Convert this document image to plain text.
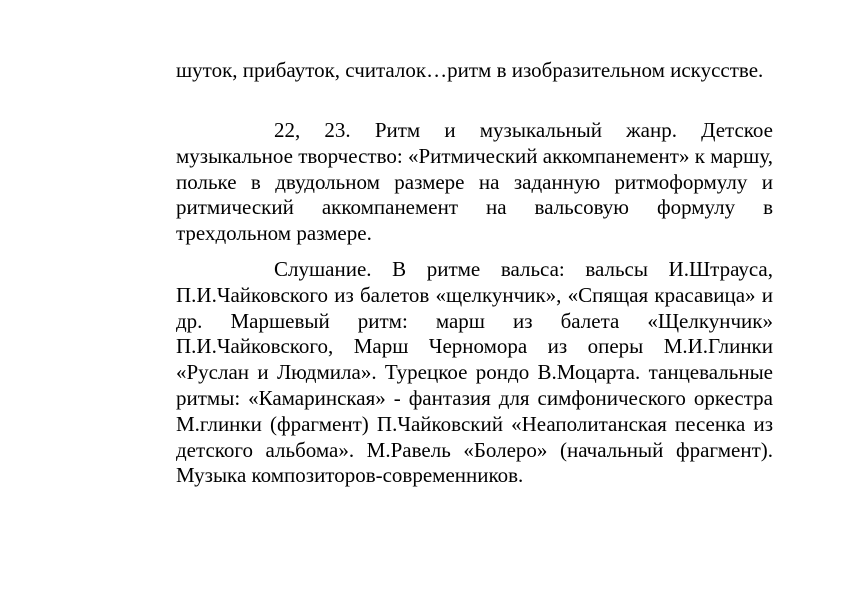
шуток, прибауток, считалок…ритм в изобразительном искусстве.

22, 23. Ритм и музыкальный жанр. Детское музыкальное творчество: «Ритмический аккомпанемент» к маршу, польке в двудольном размере на заданную ритмоформулу и ритмический аккомпанемент на вальсовую формулу в трехдольном размере.

Слушание. В ритме вальса: вальсы И.Штрауса, П.И.Чайковского из балетов «щелкунчик», «Спящая красавица» и др. Маршевый ритм: марш из балета «Щелкунчик» П.И.Чайковского, Марш Черномора из оперы М.И.Глинки «Руслан и Людмила». Турецкое рондо В.Моцарта. танцевальные ритмы: «Камаринская» - фантазия для симфонического оркестра М.глинки (фрагмент) П.Чайковский «Неаполитанская песенка из детского альбома». М.Равель «Болеро» (начальный фрагмент). Музыка композиторов-современников.
